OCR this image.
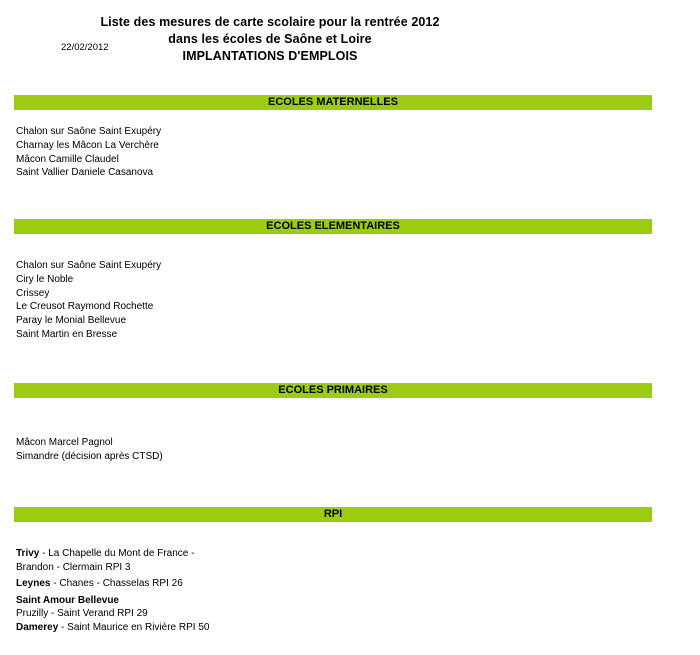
Liste des mesures de carte scolaire pour la rentrée 2012
dans les écoles de Saône et Loire
IMPLANTATIONS D'EMPLOIS
22/02/2012
ECOLES MATERNELLES
Chalon sur Saône Saint Exupéry
Charnay les Mâcon La Verchère
Mâcon Camille Claudel
Saint Vallier Daniele Casanova
ECOLES ELEMENTAIRES
Chalon sur Saône Saint Exupéry
Ciry le Noble
Crissey
Le Creusot Raymond Rochette
Paray le Monial Bellevue
Saint Martin en Bresse
ECOLES PRIMAIRES
Mâcon Marcel Pagnol
Simandre (décision après CTSD)
RPI
Trivy - La Chapelle du Mont de France -
Brandon - Clermain RPI 3
Leynes - Chanes - Chasselas RPI 26
Saint Amour Bellevue
Pruzilly - Saint Verand RPI 29
Damerey - Saint Maurice en Rivière RPI 50
